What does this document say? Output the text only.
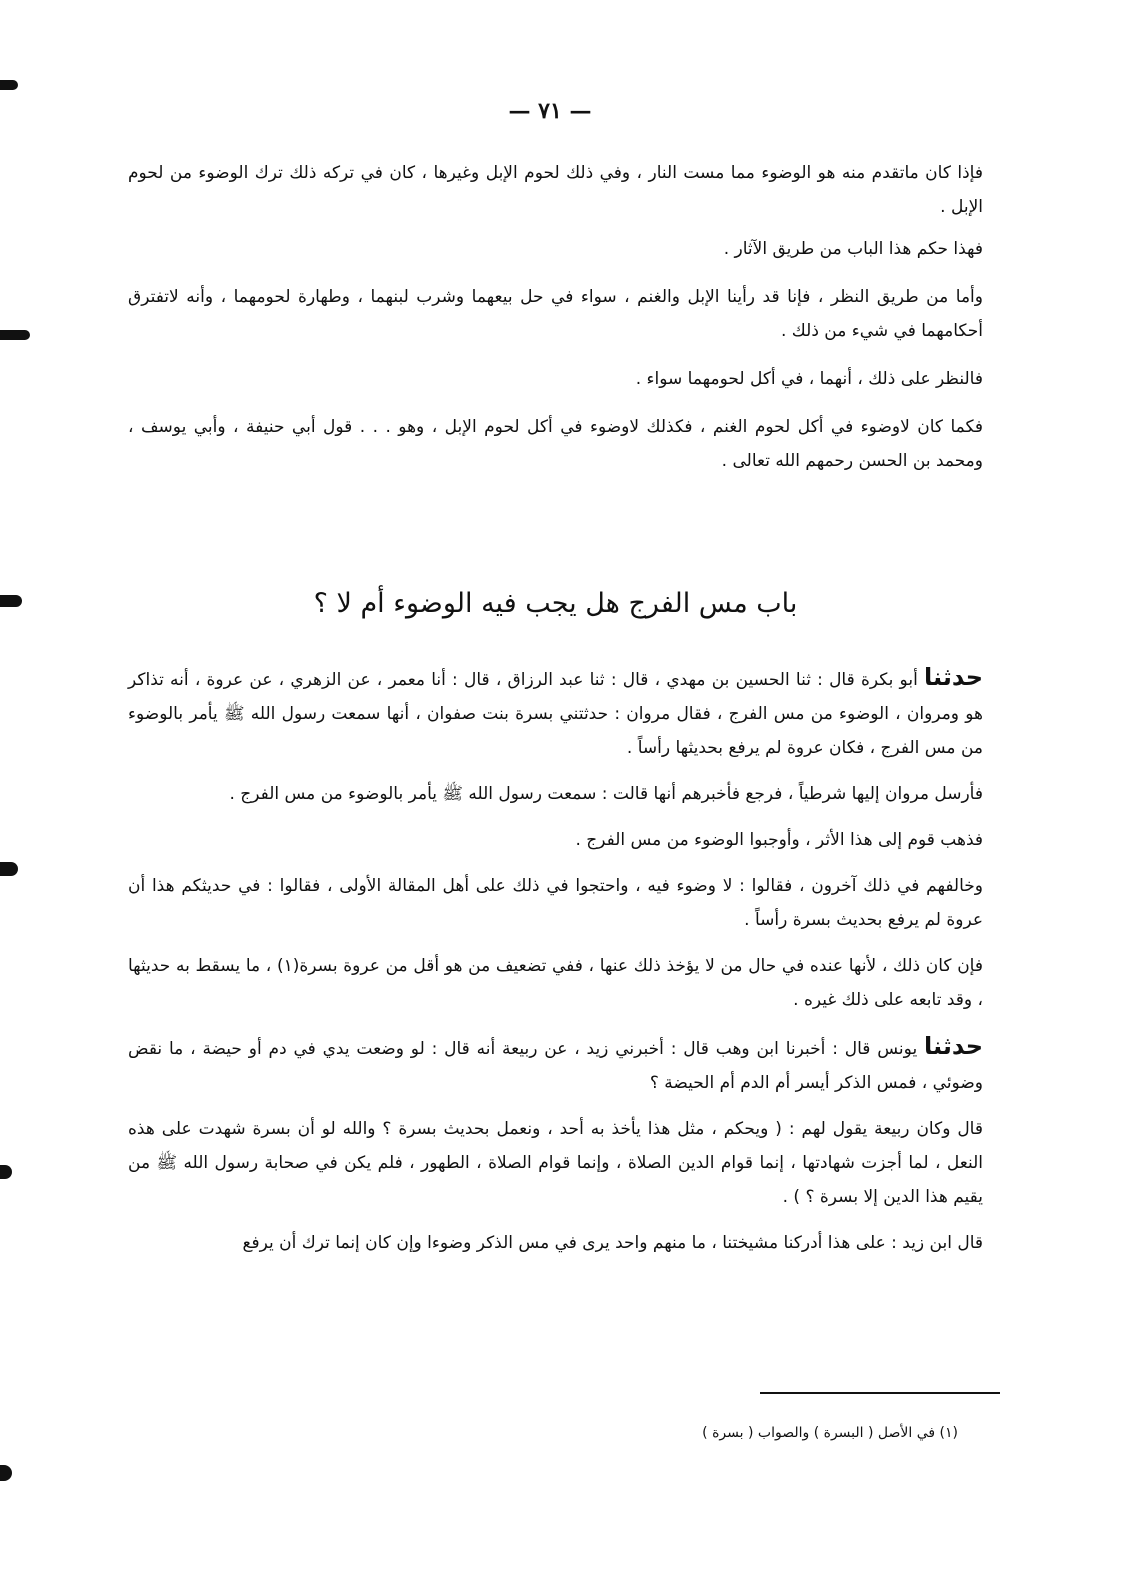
— ٧١ —

فإذا كان ماتقدم منه هو الوضوء مما مست النار ، وفي ذلك لحوم الإبل وغيرها ، كان في تركه ذلك ترك الوضوء من لحوم الإبل .

فهذا حكم هذا الباب من طريق الآثار .

وأما من طريق النظر ، فإنا قد رأينا الإبل والغنم ، سواء في حل بيعهما وشرب لبنهما ، وطهارة لحومهما ، وأنه لاتفترق أحكامهما في شيء من ذلك .

فالنظر على ذلك ، أنهما ، في أكل لحومهما سواء .

فكما كان لاوضوء في أكل لحوم الغنم ، فكذلك لاوضوء في أكل لحوم الإبل ، وهو . . . قول أبي حنيفة ، وأبي يوسف ، ومحمد بن الحسن رحمهم الله تعالى .

باب مس الفرج هل يجب فيه الوضوء أم لا ؟

حدثنا أبو بكرة قال : ثنا الحسين بن مهدي ، قال : ثنا عبد الرزاق ، قال : أنا معمر ، عن الزهري ، عن عروة ، أنه تذاكر هو ومروان ، الوضوء من مس الفرج ، فقال مروان : حدثتني بسرة بنت صفوان ، أنها سمعت رسول الله ﷺ يأمر بالوضوء من مس الفرج ، فكان عروة لم يرفع بحديثها رأساً .

فأرسل مروان إليها شرطياً ، فرجع فأخبرهم أنها قالت : سمعت رسول الله ﷺ يأمر بالوضوء من مس الفرج .

فذهب قوم إلى هذا الأثر ، وأوجبوا الوضوء من مس الفرج .

وخالفهم في ذلك آخرون ، فقالوا : لا وضوء فيه ، واحتجوا في ذلك على أهل المقالة الأولى ، فقالوا : في حديثكم هذا أن عروة لم يرفع بحديث بسرة رأساً .

فإن كان ذلك ، لأنها عنده في حال من لا يؤخذ ذلك عنها ، ففي تضعيف من هو أقل من عروة بسرة(١) ، ما يسقط به حديثها ، وقد تابعه على ذلك غيره .

حدثنا يونس قال : أخبرنا ابن وهب قال : أخبرني زيد ، عن ربيعة أنه قال : لو وضعت يدي في دم أو حيضة ، ما نقض وضوئي ، فمس الذكر أيسر أم الدم أم الحيضة ؟

قال وكان ربيعة يقول لهم : ( ويحكم ، مثل هذا يأخذ به أحد ، ونعمل بحديث بسرة ؟ والله لو أن بسرة شهدت على هذه النعل ، لما أجزت شهادتها ، إنما قوام الدين الصلاة ، وإنما قوام الصلاة ، الطهور ، فلم يكن في صحابة رسول الله ﷺ من يقيم هذا الدين إلا بسرة ؟ ) .

قال ابن زيد : على هذا أدركنا مشيختنا ، ما منهم واحد يرى في مس الذكر وضوءا وإن كان إنما ترك أن يرفع

(١) في الأصل ( البسرة ) والصواب ( بسرة )
